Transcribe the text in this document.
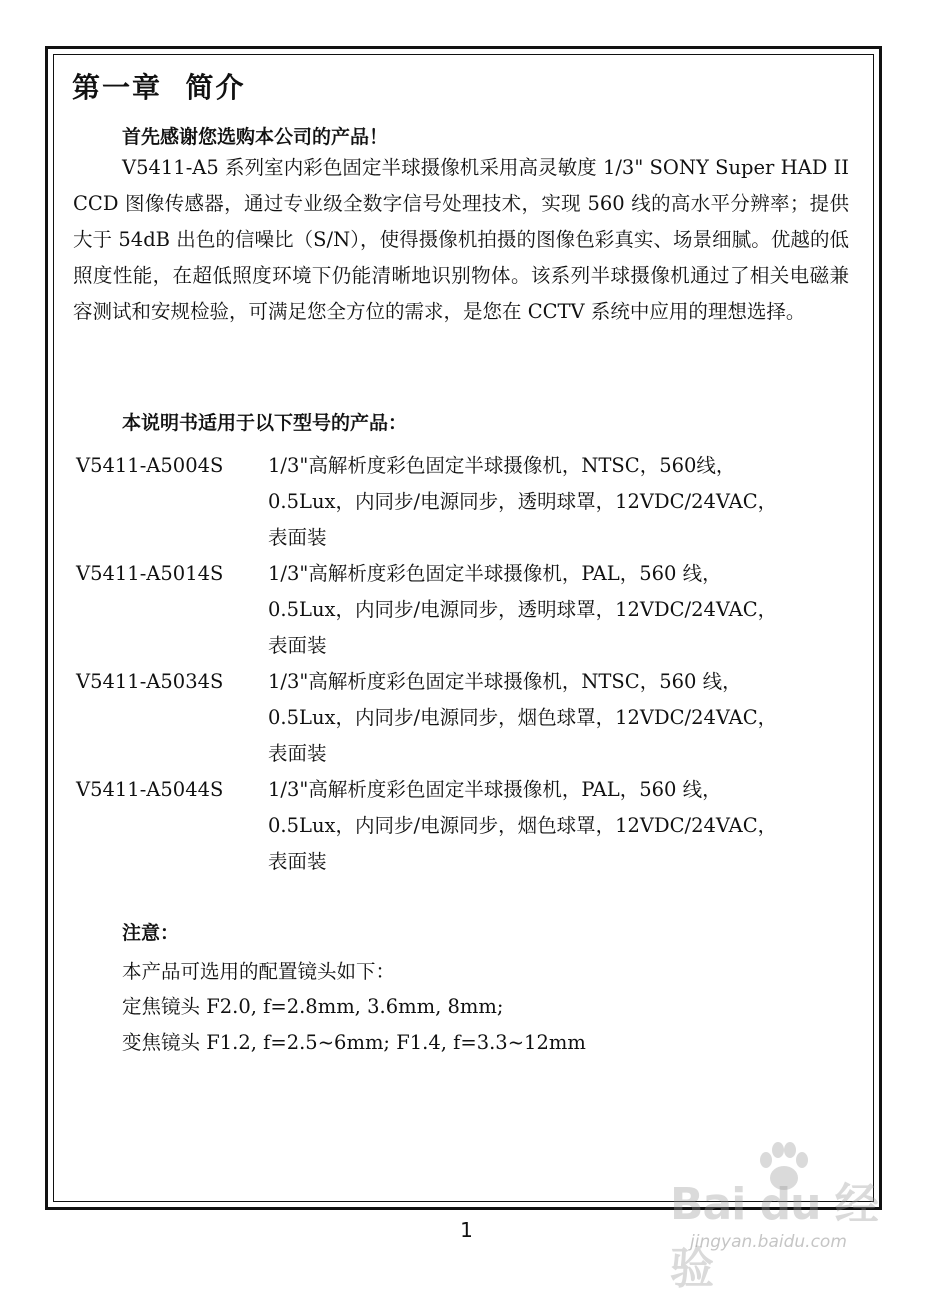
第一章  简介
首先感谢您选购本公司的产品！

V5411-A5 系列室内彩色固定半球摄像机采用高灵敏度 1/3" SONY Super HAD II CCD 图像传感器，通过专业级全数字信号处理技术，实现 560 线的高水平分辨率；提供大于 54dB 出色的信噪比（S/N），使得摄像机拍摄的图像色彩真实、场景细腻。优越的低照度性能，在超低照度环境下仍能清晰地识别物体。该系列半球摄像机通过了相关电磁兼容测试和安规检验，可满足您全方位的需求，是您在 CCTV 系统中应用的理想选择。

本说明书适用于以下型号的产品：
V5411-A5004S 1/3"高解析度彩色固定半球摄像机，NTSC，560线，
0.5Lux，内同步/电源同步，透明球罩，12VDC/24VAC，
表面装
V5411-A5014S 1/3"高解析度彩色固定半球摄像机，PAL，560 线，
0.5Lux，内同步/电源同步，透明球罩，12VDC/24VAC，
表面装
V5411-A5034S 1/3"高解析度彩色固定半球摄像机，NTSC，560 线，
0.5Lux，内同步/电源同步，烟色球罩，12VDC/24VAC，
表面装
V5411-A5044S 1/3"高解析度彩色固定半球摄像机，PAL，560 线，
0.5Lux，内同步/电源同步，烟色球罩，12VDC/24VAC，
表面装
注意：
本产品可选用的配置镜头如下：
定焦镜头 F2.0, f=2.8mm, 3.6mm, 8mm;
变焦镜头 F1.2, f=2.5~6mm; F1.4, f=3.3~12mm
1	Bai du 经验
jingyan.baidu.com
